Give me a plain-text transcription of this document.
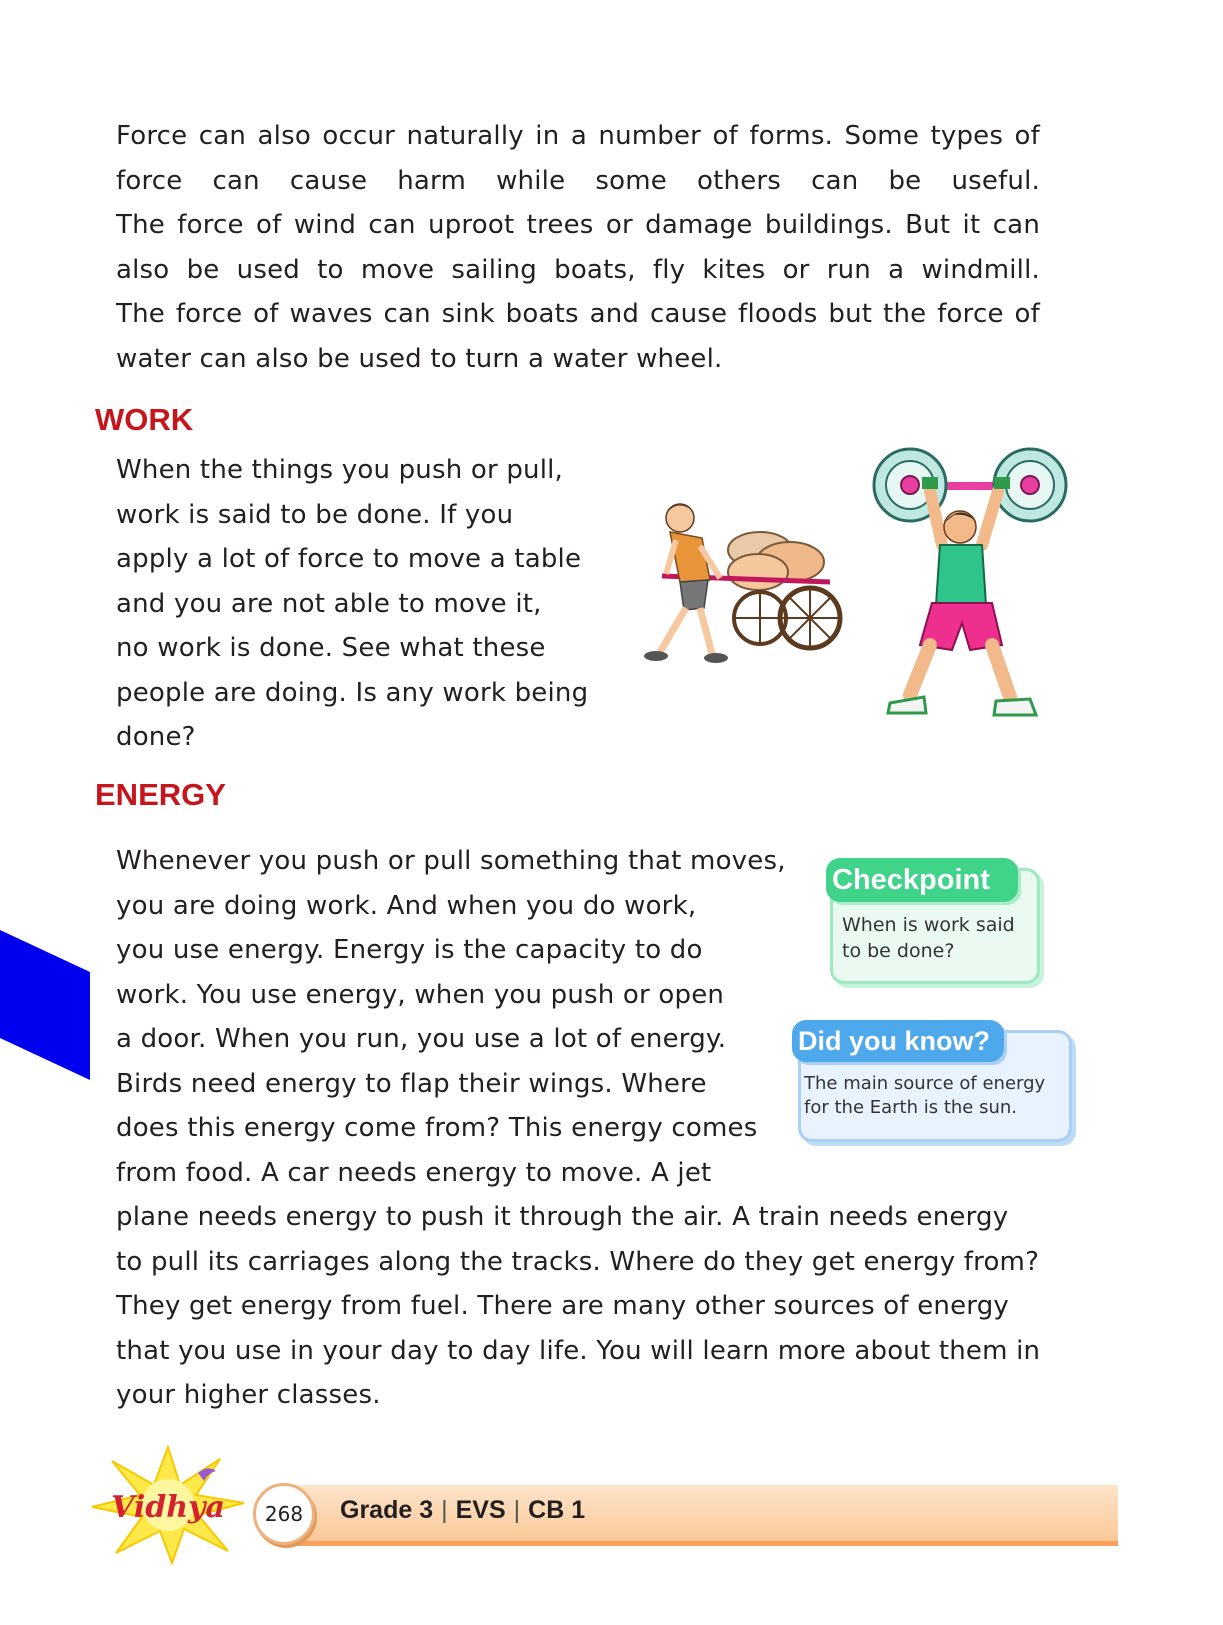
Force can also occur naturally in a number of forms. Some types of
force can cause harm while some others can be useful.
The force of wind can uproot trees or damage buildings. But it can
also be used to move sailing boats, fly kites or run a windmill.
The force of waves can sink boats and cause floods but the force of
water can also be used to turn a water wheel.
WORK
When the things you push or pull,
work is said to be done. If you
apply a lot of force to move a table
and you are not able to move it,
no work is done. See what these
people are doing. Is any work being
done?
ENERGY
Whenever you push or pull something that moves,
you are doing work. And when you do work,
you use energy. Energy is the capacity to do
work. You use energy, when you push or open
a door. When you run, you use a lot of energy.
Birds need energy to flap their wings. Where
does this energy come from? This energy comes
from food. A car needs energy to move. A jet
plane needs energy to push it through the air. A train needs energy
to pull its carriages along the tracks. Where do they get energy from?
They get energy from fuel. There are many other sources of energy
that you use in your day to day life. You will learn more about them in
your higher classes.
Checkpoint

When is work said
to be done?

Did you know?

The main source of energy
for the Earth is the sun.

Grade 3 | EVS | CB 1
268
Vidhya
